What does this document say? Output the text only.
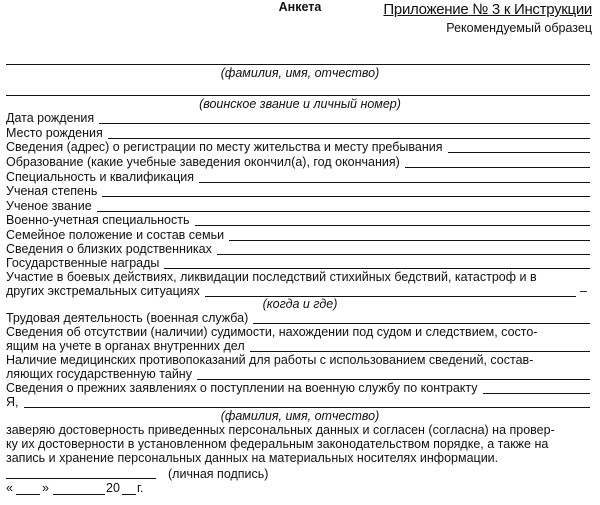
Приложение № 3 к Инструкции
Рекомендуемый образец
Анкета
(фамилия, имя, отчество)
(воинское звание и личный номер)
Дата рождения
Место рождения
Сведения (адрес) о регистрации по месту жительства и месту пребывания
Образование (какие учебные заведения окончил(а), год окончания)
Специальность и квалификация
Ученая степень
Ученое звание
Военно-учетная специальность
Семейное положение и состав семьи
Сведения о близких родственниках
Государственные награды
Участие в боевых действиях, ликвидации последствий стихийных бедствий, катастроф и в
других экстремальных ситуациях	–
(когда и где)
Трудовая деятельность (военная служба)
Сведения об отсутствии (наличии) судимости, нахождении под судом и следствием, состо-
ящим на учете в органах внутренних дел
Наличие медицинских противопоказаний для работы с использованием сведений, состав-
ляющих государственную тайну
Сведения о прежних заявлениях о поступлении на военную службу по контракту
Я,
(фамилия, имя, отчество)
заверяю достоверность приведенных персональных данных и согласен (согласна) на провер-
ку их достоверности в установленном федеральным законодательством порядке, а также на
запись и хранение персональных данных на материальных носителях информации.
(личная подпись)
« »	20 г.
